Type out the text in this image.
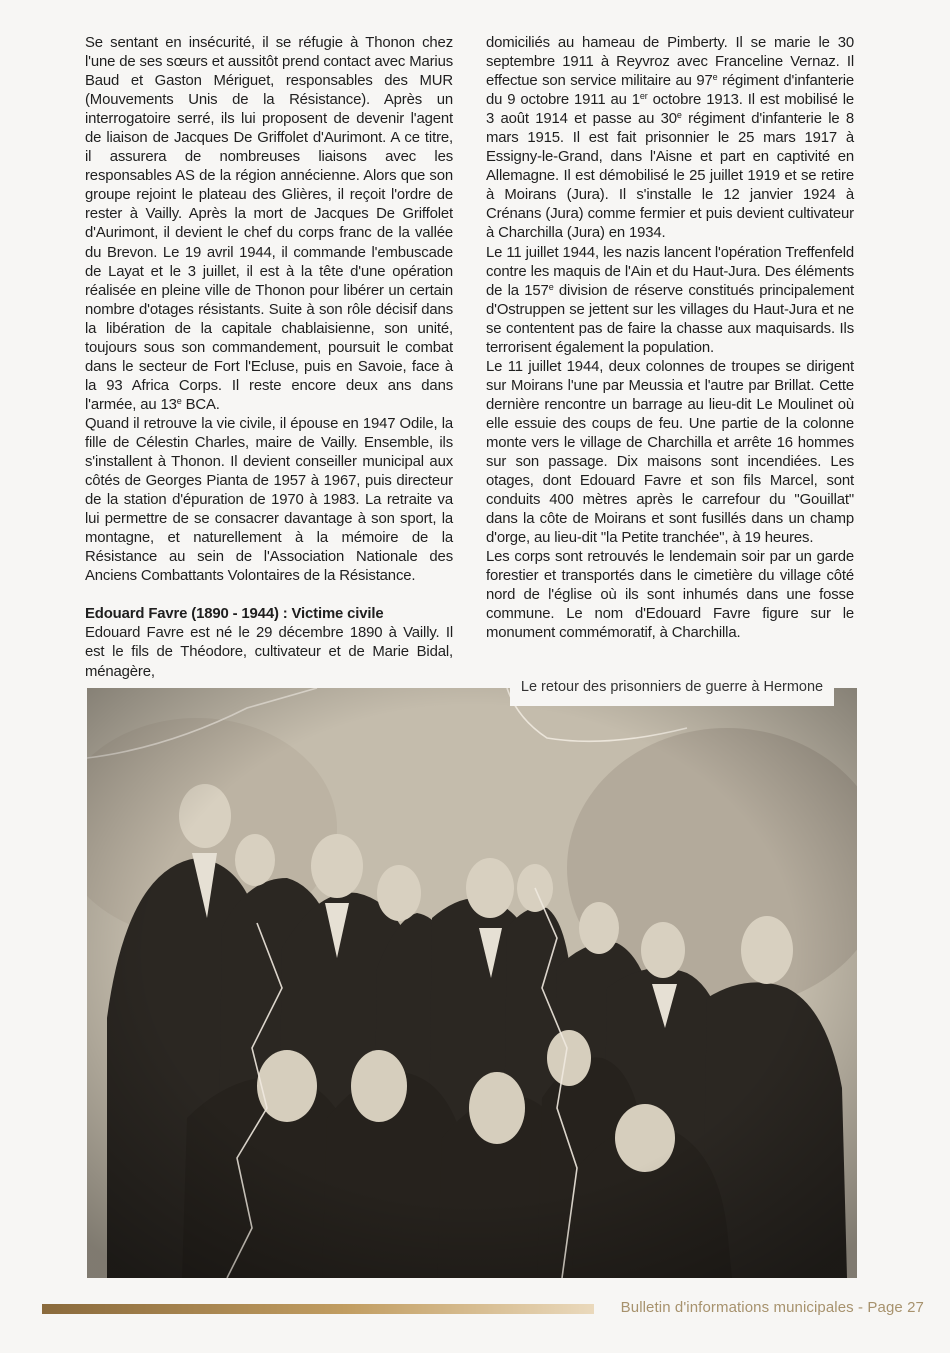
Se sentant en insécurité, il se réfugie à Thonon chez l'une de ses sœurs et aussitôt prend contact avec Marius Baud et Gaston Mériguet, responsables des MUR (Mouvements Unis de la Résistance). Après un interrogatoire serré, ils lui proposent de devenir l'agent de liaison de Jacques De Griffolet d'Aurimont. A ce titre, il assurera de nombreuses liaisons avec les responsables AS de la région annécienne. Alors que son groupe rejoint le plateau des Glières, il reçoit l'ordre de rester à Vailly. Après la mort de Jacques De Griffolet d'Aurimont, il devient le chef du corps franc de la vallée du Brevon. Le 19 avril 1944, il commande l'embuscade de Layat et le 3 juillet, il est à la tête d'une opération réalisée en pleine ville de Thonon pour libérer un certain nombre d'otages résistants. Suite à son rôle décisif dans la libération de la capitale chablaisienne, son unité, toujours sous son commandement, poursuit le combat dans le secteur de Fort l'Ecluse, puis en Savoie, face à la 93 Africa Corps. Il reste encore deux ans dans l'armée, au 13e BCA.

Quand il retrouve la vie civile, il épouse en 1947 Odile, la fille de Célestin Charles, maire de Vailly. Ensemble, ils s'installent à Thonon. Il devient conseiller municipal aux côtés de Georges Pianta de 1957 à 1967, puis directeur de la station d'épuration de 1970 à 1983. La retraite va lui permettre de se consacrer davantage à son sport, la montagne, et naturellement à la mémoire de la Résistance au sein de l'Association Nationale des Anciens Combattants Volontaires de la Résistance.

Edouard Favre (1890 - 1944) : Victime civile

Edouard Favre est né le 29 décembre 1890 à Vailly. Il est le fils de Théodore, cultivateur et de Marie Bidal, ménagère,

domiciliés au hameau de Pimberty. Il se marie le 30 septembre 1911 à Reyvroz avec Franceline Vernaz. Il effectue son service militaire au 97e régiment d'infanterie du 9 octobre 1911 au 1er octobre 1913. Il est mobilisé le 3 août 1914 et passe au 30e régiment d'infanterie le 8 mars 1915. Il est fait prisonnier le 25 mars 1917 à Essigny-le-Grand, dans l'Aisne et part en captivité en Allemagne. Il est démobilisé le 25 juillet 1919 et se retire à Moirans (Jura). Il s'installe le 12 janvier 1924 à Crénans (Jura) comme fermier et puis devient cultivateur à Charchilla (Jura) en 1934.

Le 11 juillet 1944, les nazis lancent l'opération Treffenfeld contre les maquis de l'Ain et du Haut-Jura. Des éléments de la 157e division de réserve constitués principalement d'Ostruppen se jettent sur les villages du Haut-Jura et ne se contentent pas de faire la chasse aux maquisards. Ils terrorisent également la population.

Le 11 juillet 1944, deux colonnes de troupes se dirigent sur Moirans l'une par Meussia et l'autre par Brillat. Cette dernière rencontre un barrage au lieu-dit Le Moulinet où elle essuie des coups de feu. Une partie de la colonne monte vers le village de Charchilla et arrête 16 hommes sur son passage. Dix maisons sont incendiées. Les otages, dont Edouard Favre et son fils Marcel, sont conduits 400 mètres après le carrefour du "Gouillat" dans la côte de Moirans et sont fusillés dans un champ d'orge, au lieu-dit "la Petite tranchée", à 19 heures.

Les corps sont retrouvés le lendemain soir par un garde forestier et transportés dans le cimetière du village côté nord de l'église où ils sont inhumés dans une fosse commune. Le nom d'Edouard Favre figure sur le monument commémoratif, à Charchilla.

Le retour des prisonniers de guerre à Hermone
Bulletin d'informations municipales - Page 27
